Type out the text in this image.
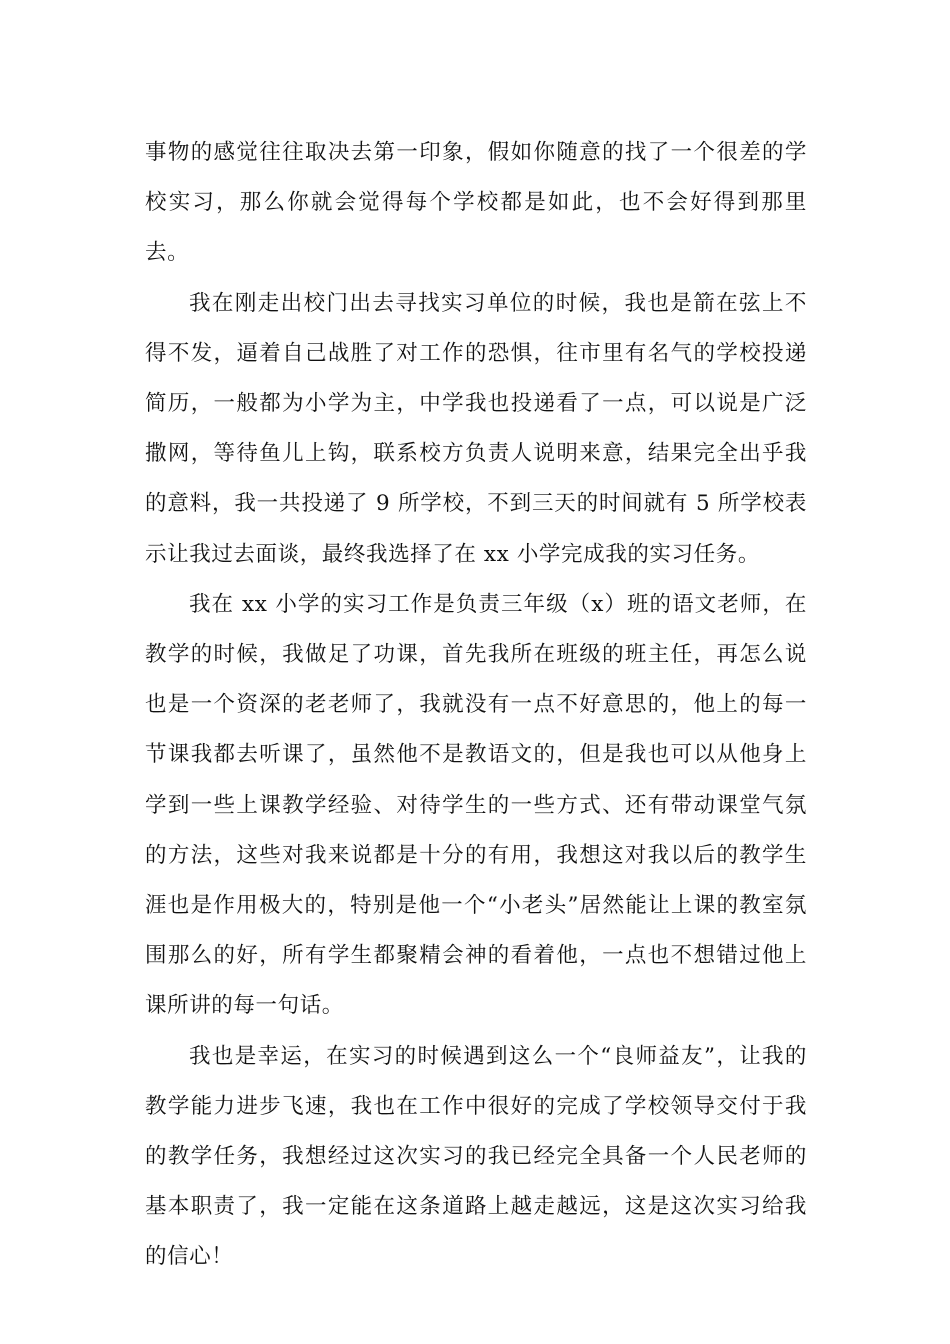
事物的感觉往往取决去第一印象，假如你随意的找了一个很差的学校实习，那么你就会觉得每个学校都是如此，也不会好得到那里去。

我在刚走出校门出去寻找实习单位的时候，我也是箭在弦上不得不发，逼着自己战胜了对工作的恐惧，往市里有名气的学校投递简历，一般都为小学为主，中学我也投递看了一点，可以说是广泛撒网，等待鱼儿上钩，联系校方负责人说明来意，结果完全出乎我的意料，我一共投递了 9 所学校，不到三天的时间就有 5 所学校表示让我过去面谈，最终我选择了在 xx 小学完成我的实习任务。

我在 xx 小学的实习工作是负责三年级（x）班的语文老师，在教学的时候，我做足了功课，首先我所在班级的班主任，再怎么说也是一个资深的老老师了，我就没有一点不好意思的，他上的每一节课我都去听课了，虽然他不是教语文的，但是我也可以从他身上学到一些上课教学经验、对待学生的一些方式、还有带动课堂气氛的方法，这些对我来说都是十分的有用，我想这对我以后的教学生涯也是作用极大的，特别是他一个“小老头”居然能让上课的教室氛围那么的好，所有学生都聚精会神的看着他，一点也不想错过他上课所讲的每一句话。

我也是幸运，在实习的时候遇到这么一个“良师益友”，让我的教学能力进步飞速，我也在工作中很好的完成了学校领导交付于我的教学任务，我想经过这次实习的我已经完全具备一个人民老师的基本职责了，我一定能在这条道路上越走越远，这是这次实习给我的信心！
